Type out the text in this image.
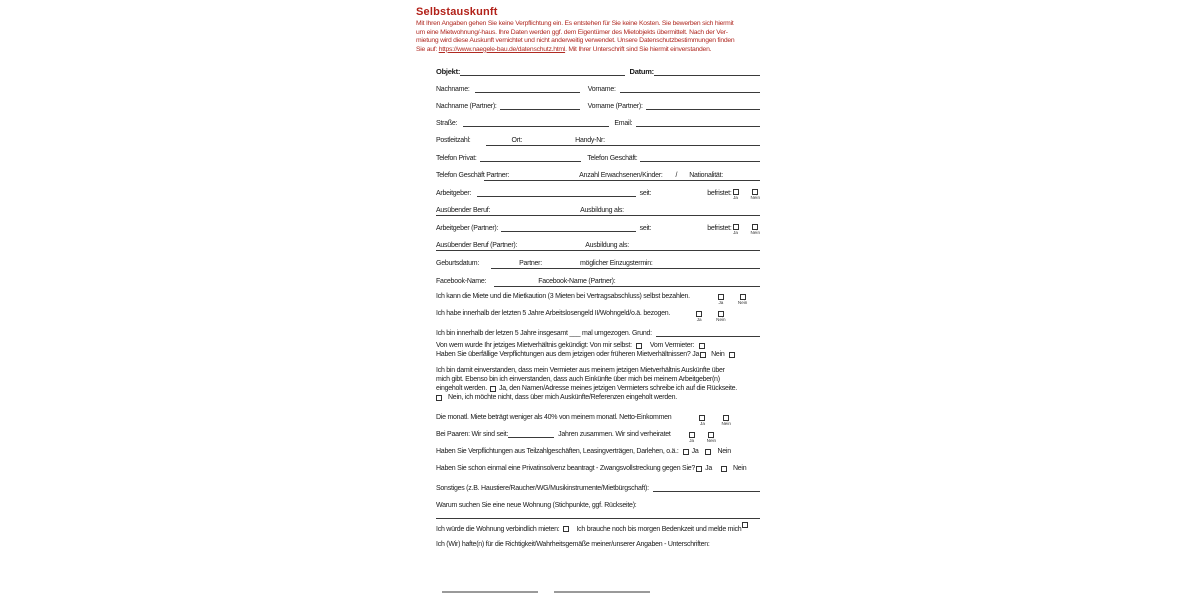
Selbstauskunft
Mit Ihren Angaben gehen Sie keine Verpflichtung ein. Es entstehen für Sie keine Kosten. Sie bewerben sich hiermit
um eine Mietwohnung/-haus. Ihre Daten werden ggf. dem Eigentümer des Mietobjekts übermittelt. Nach der Ver-
mietung wird diese Auskunft vernichtet und nicht anderweitig verwendet. Unsere Datenschutzbestimmungen finden
Sie auf: https://www.naegele-bau.de/datenschutz.html. Mit Ihrer Unterschrift sind Sie hiermit einverstanden.
Objekt:	Datum:
Nachname:	Vorname:
Nachname (Partner):	Vorname (Partner):
Straße:	Email:
Postleitzahl:	Ort:	Handy-Nr:
Telefon Privat:	Telefon Geschäft:
Telefon Geschäft Partner:	Anzahl Erwachsenen/Kinder: / Nationalität:
Arbeitgeber:	seit:	befristet: Ja	Nein
Ausübender Beruf:	Ausbildung als:
Arbeitgeber (Partner):	seit:	befristet: Ja	Nein
Ausübender Beruf (Partner):	Ausbildung als:
Geburtsdatum:	Partner:	möglicher Einzugstermin:
Facebook-Name:	Facebook-Name (Partner):
Ich kann die Miete und die Mietkaution (3 Mieten bei Vertragsabschluss) selbst bezahlen.
Ja	Nein
Ich habe innerhalb der letzten 5 Jahre Arbeitslosengeld II/Wohngeld/o.ä. bezogen.
Ja	Nein
Ich bin innerhalb der letzen 5 Jahre insgesamt ___ mal umgezogen. Grund:
Von wem wurde Ihr jetziges Mietverhältnis gekündigt: Von mir selbst:	Vom Vermieter:
Haben Sie überfällige Verpflichtungen aus dem jetzigen oder früheren Mietverhältnissen? Ja Nein
Ich bin damit einverstanden, dass mein Vermieter aus meinem jetzigen Mietverhältnis Auskünfte über
mich gibt. Ebenso bin ich einverstanden, dass auch Einkünfte über mich bei meinem Arbeitgeber(n)
eingeholt werden. Ja, den Namen/Adresse meines jetzigen Vermieters schreibe ich auf die Rückseite.
Nein, ich möchte nicht, dass über mich Auskünfte/Referenzen eingeholt werden.
Die monatl. Miete beträgt weniger als 40% von meinem monatl. Netto-Einkommen
Ja	Nein
Bei Paaren: Wir sind seit:	Jahren zusammen. Wir sind verheiratet
Ja	Nein
Haben Sie Verpflichtungen aus Teilzahlgeschäften, Leasingverträgen, Darlehen, o.ä.: Ja	Nein
Haben Sie schon einmal eine Privatinsolvenz beantragt - Zwangsvollstreckung gegen Sie? Ja	Nein
Sonstiges (z.B. Haustiere/Raucher/WG/Musikinstrumente/Mietbürgschaft):
Warum suchen Sie eine neue Wohnung (Stichpunkte, ggf. Rückseite):
Ich würde die Wohnung verbindlich mieten: Ich brauche noch bis morgen Bedenkzeit und melde mich
Ich (Wir) hafte(n) für die Richtigkeit/Wahrheitsgemäße meiner/unserer Angaben - Unterschriften:
